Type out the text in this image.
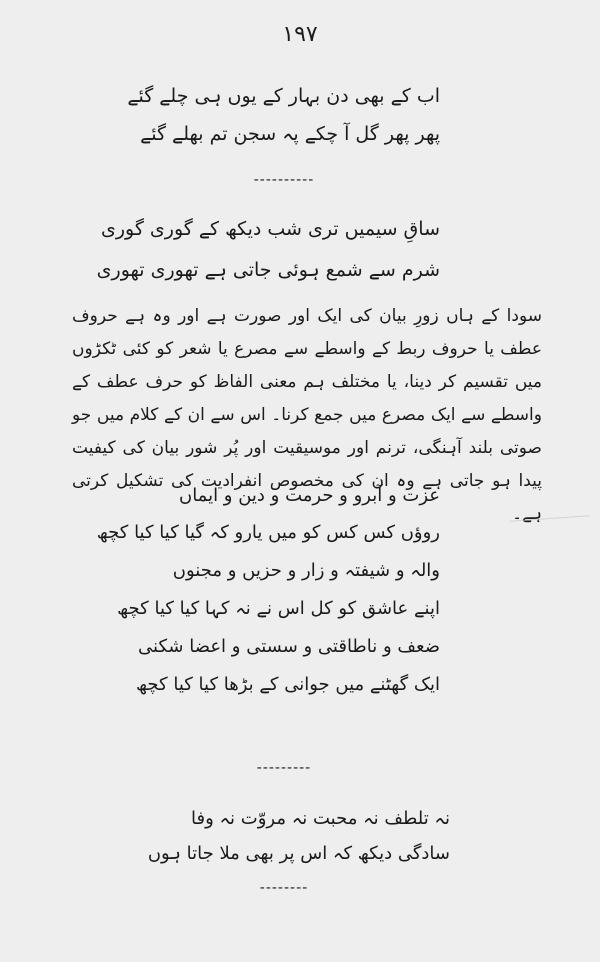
١٩٧
اب کے بھی دن بہار کے یوں ہی چلے گئے
پھر پھر گل آ چکے پہ سجن تم بھلے گئے
----------
ساقِ سیمیں تری شب دیکھ کے گوری گوری
شرم سے شمع ہوئی جاتی ہے تھوری تھوری

سودا کے ہاں زورِ بیان کی ایک اور صورت ہے اور وہ ہے حروف عطف یا حروف ربط کے واسطے سے مصرع یا شعر کو کئی ٹکڑوں میں تقسیم کر دینا، یا مختلف ہم معنی الفاظ کو حرف عطف کے واسطے سے ایک مصرع میں جمع کرنا۔ اس سے ان کے کلام میں جو صوتی بلند آہنگی، ترنم اور موسیقیت اور پُر شور بیان کی کیفیت پیدا ہو جاتی ہے وہ ان کی مخصوص انفرادیت کی تشکیل کرتی ہے۔

عزت و آبرو و حرمت و دین و ایماں
روؤں کس کس کو میں یارو کہ گیا کیا کیا کچھ
والہ و شیفتہ و زار و حزیں و مجنوں
اپنے عاشق کو کل اس نے نہ کہا کیا کیا کچھ
ضعف و ناطاقتی و سستی و اعضا شکنی
ایک گھٹنے میں جوانی کے بڑھا کیا کیا کچھ
---------
نہ تلطف نہ محبت نہ مروّت نہ وفا
سادگی دیکھ کہ اس پر بھی ملا جاتا ہوں
--------
